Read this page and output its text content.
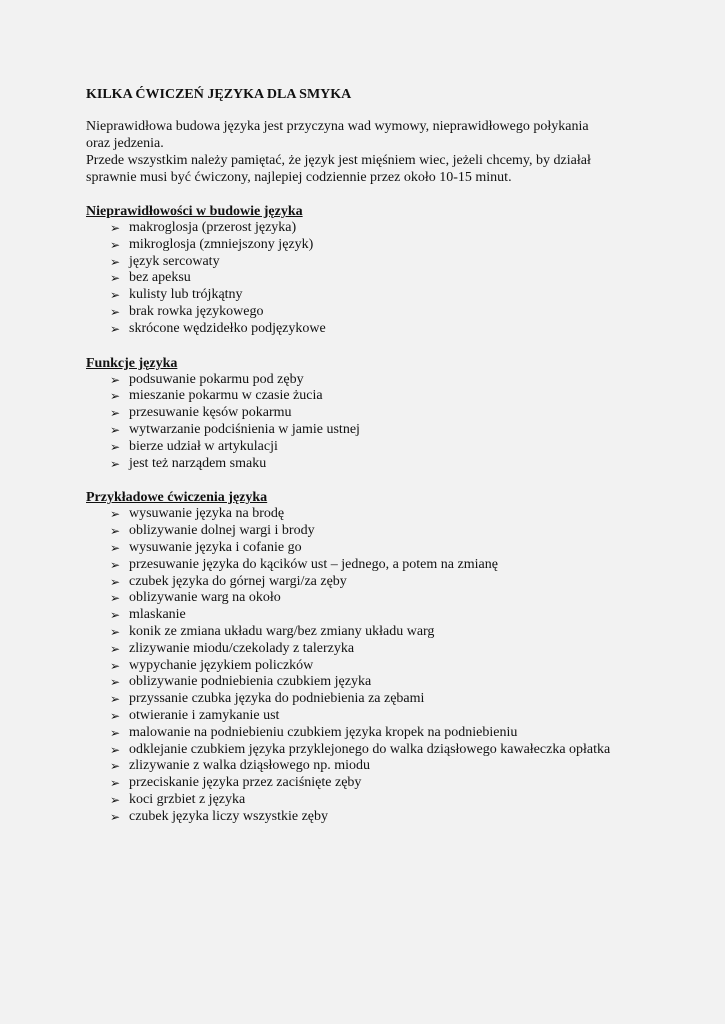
KILKA ĆWICZEŃ JĘZYKA DLA SMYKA

Nieprawidłowa budowa języka jest przyczyna wad wymowy, nieprawidłowego połykania
oraz jedzenia.
Przede wszystkim należy pamiętać, że język jest mięśniem wiec, jeżeli chcemy, by działał
sprawnie musi być ćwiczony, najlepiej codziennie przez około 10-15 minut.

Nieprawidłowości w budowie języka
➢ makroglosja (przerost języka)
➢ mikroglosja (zmniejszony język)
➢ język sercowaty
➢ bez apeksu
➢ kulisty lub trójkątny
➢ brak rowka językowego
➢ skrócone wędzidełko podjęzykowe
Funkcje języka
➢ podsuwanie pokarmu pod zęby
➢ mieszanie pokarmu w czasie żucia
➢ przesuwanie kęsów pokarmu
➢ wytwarzanie podciśnienia w jamie ustnej
➢ bierze udział w artykulacji
➢ jest też narządem smaku
Przykładowe ćwiczenia języka
➢ wysuwanie języka na brodę
➢ oblizywanie dolnej wargi i brody
➢ wysuwanie języka i cofanie go
➢ przesuwanie języka do kącików ust – jednego, a potem na zmianę
➢ czubek języka do górnej wargi/za zęby
➢ oblizywanie warg na około
➢ mlaskanie
➢ konik ze zmiana układu warg/bez zmiany układu warg
➢ zlizywanie miodu/czekolady z talerzyka
➢ wypychanie językiem policzków
➢ oblizywanie podniebienia czubkiem języka
➢ przyssanie czubka języka do podniebienia za zębami
➢ otwieranie i zamykanie ust
➢ malowanie na podniebieniu czubkiem języka kropek na podniebieniu
➢ odklejanie czubkiem języka przyklejonego do walka dziąsłowego kawałeczka opłatka
➢ zlizywanie z walka dziąsłowego np. miodu
➢ przeciskanie języka przez zaciśnięte zęby
➢ koci grzbiet z języka
➢ czubek języka liczy wszystkie zęby
